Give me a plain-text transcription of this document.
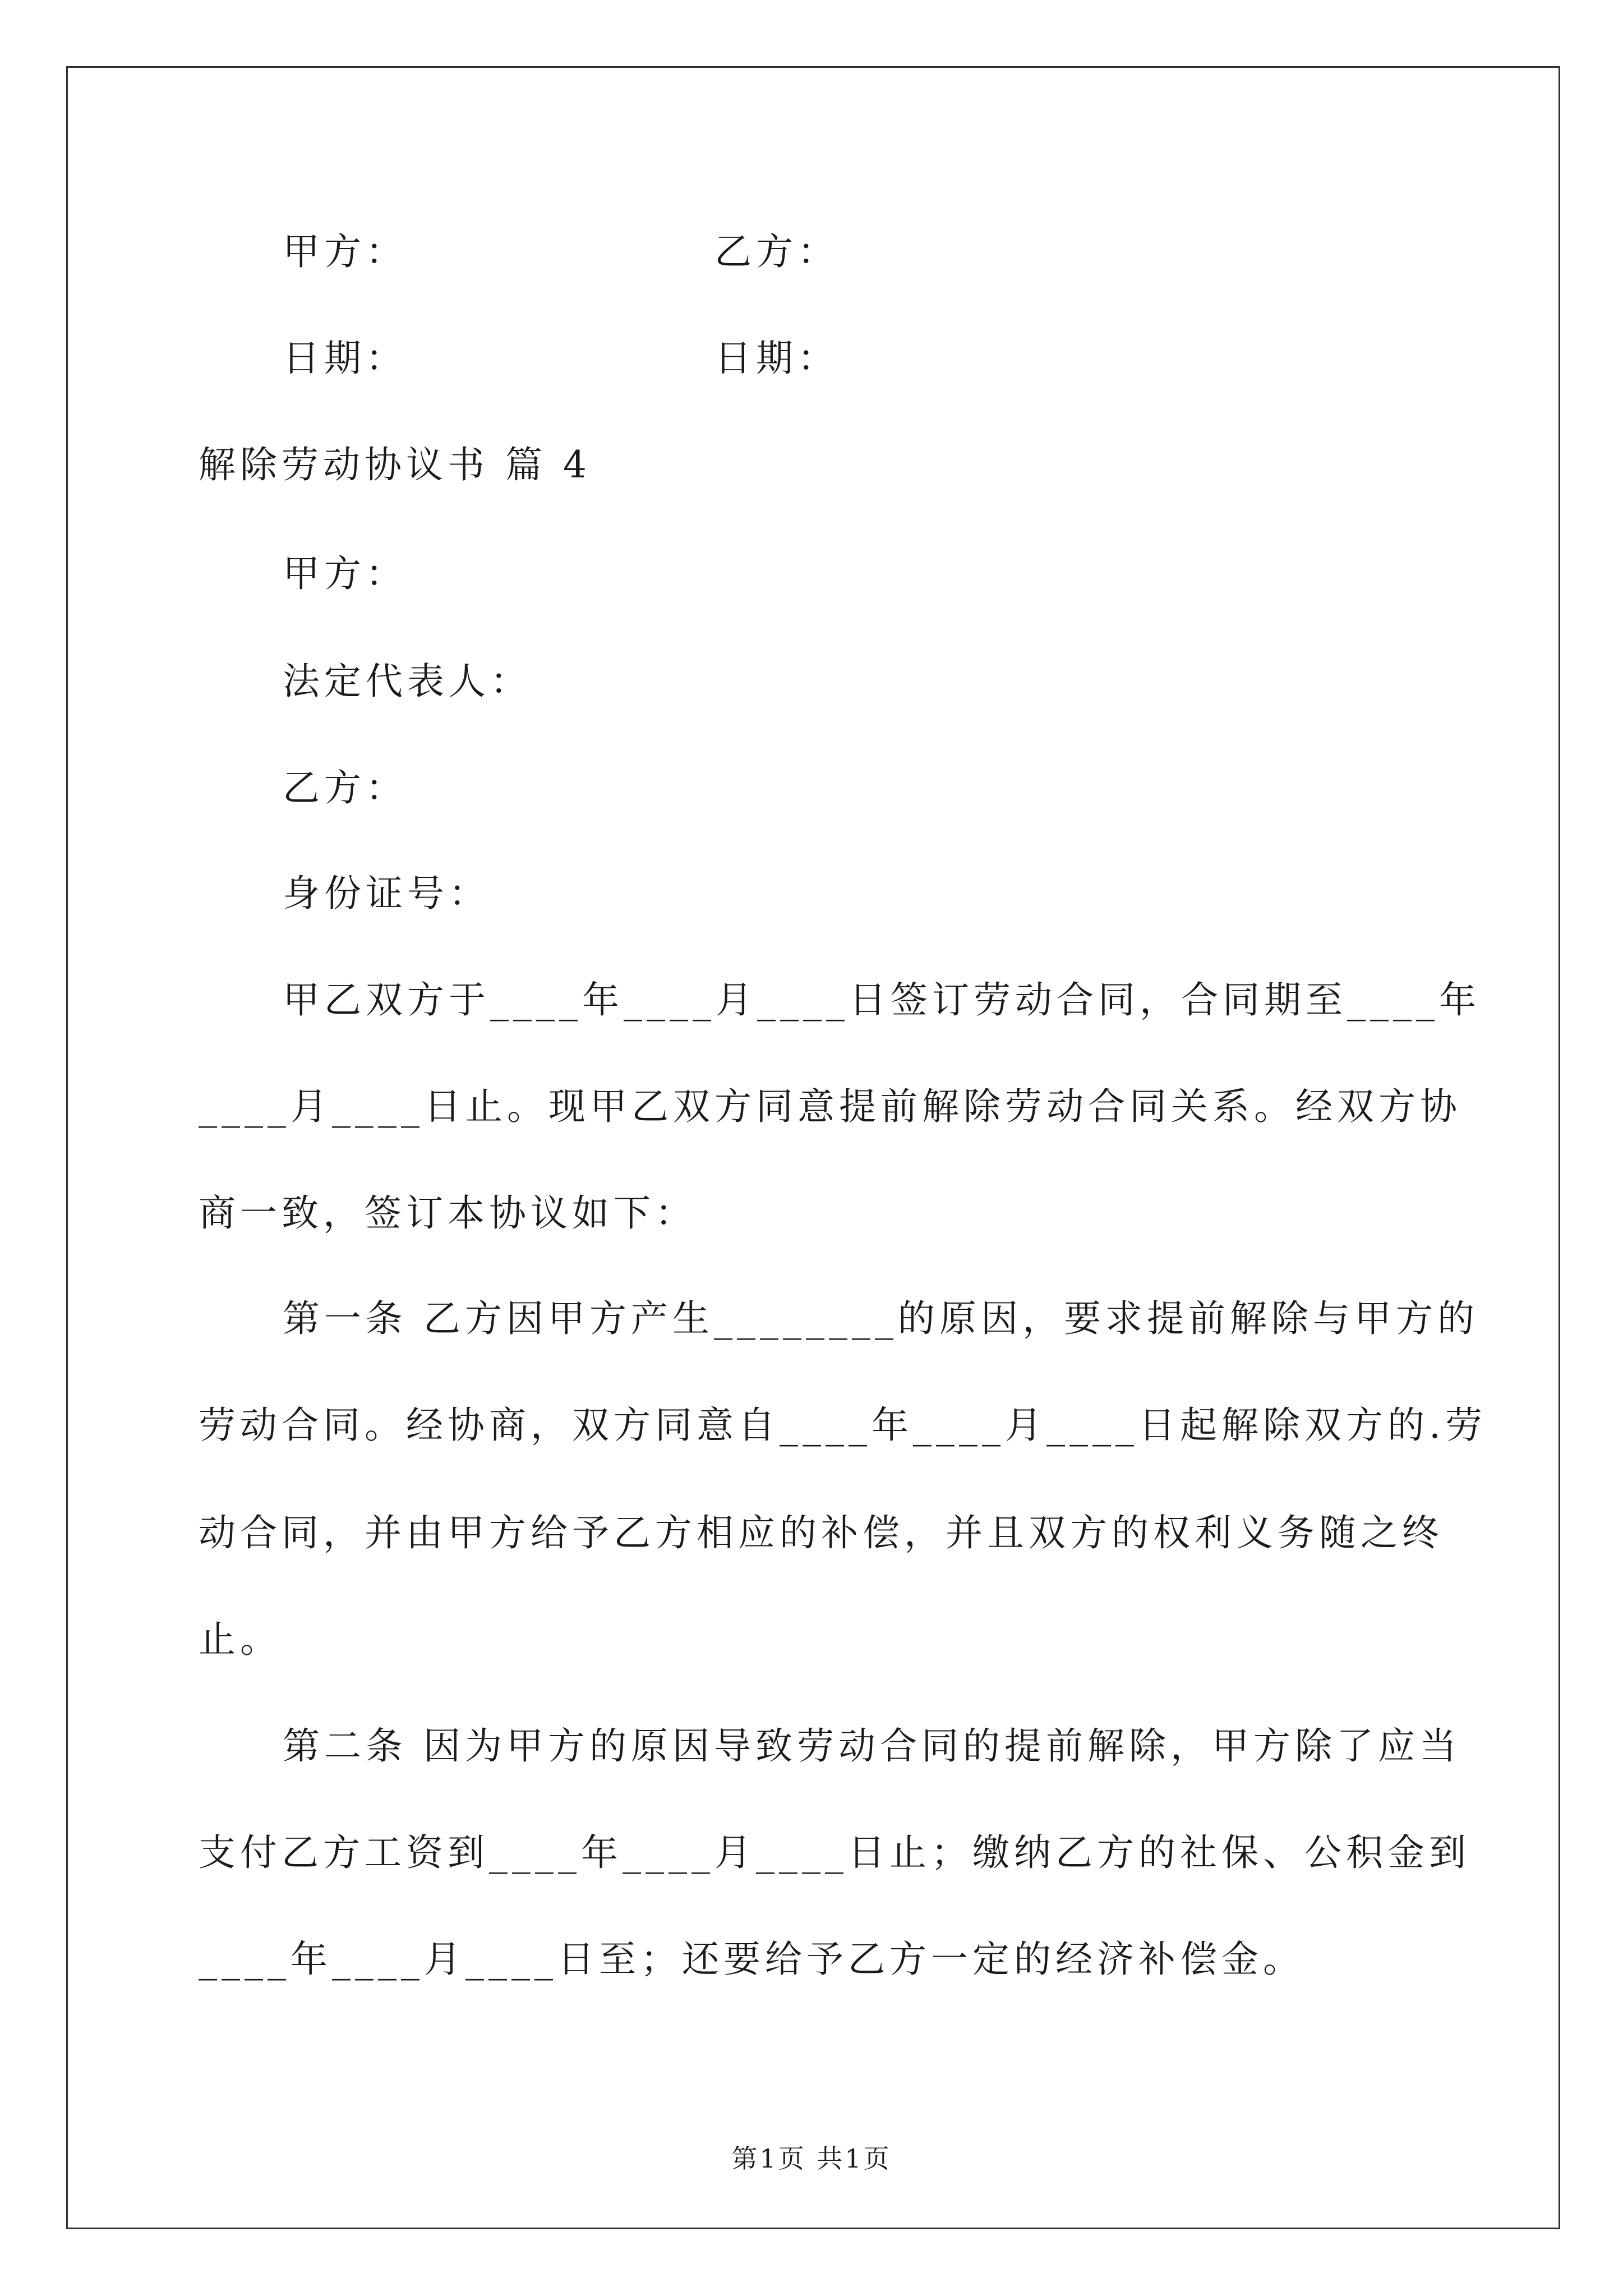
甲方：	乙方：
日期：	日期：
解除劳动协议书 篇 4
甲方：
法定代表人：
乙方：
身份证号：
甲乙双方于____年____月____日签订劳动合同，合同期至____年
____月____日止。现甲乙双方同意提前解除劳动合同关系。经双方协
商一致，签订本协议如下：
第一条 乙方因甲方产生________的原因，要求提前解除与甲方的
劳动合同。经协商，双方同意自____年____月____日起解除双方的.劳
动合同，并由甲方给予乙方相应的补偿，并且双方的权利义务随之终
止。
第二条 因为甲方的原因导致劳动合同的提前解除，甲方除了应当
支付乙方工资到____年____月____日止；缴纳乙方的社保、公积金到
____年____月____日至；还要给予乙方一定的经济补偿金。
第1页 共1页
